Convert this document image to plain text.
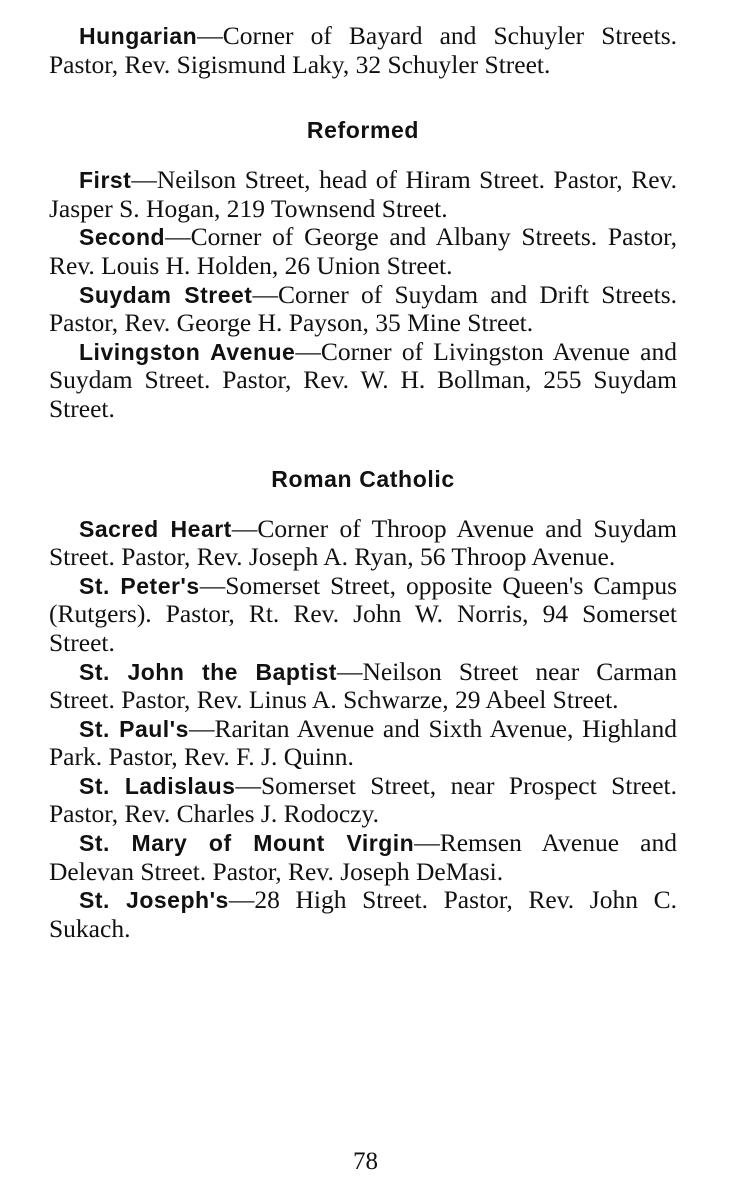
Hungarian—Corner of Bayard and Schuyler Streets. Pastor, Rev. Sigismund Laky, 32 Schuyler Street.

Reformed

First—Neilson Street, head of Hiram Street. Pastor, Rev. Jasper S. Hogan, 219 Townsend Street.

Second—Corner of George and Albany Streets. Pastor, Rev. Louis H. Holden, 26 Union Street.

Suydam Street—Corner of Suydam and Drift Streets. Pastor, Rev. George H. Payson, 35 Mine Street.

Livingston Avenue—Corner of Livingston Avenue and Suydam Street. Pastor, Rev. W. H. Bollman, 255 Suydam Street.

Roman Catholic

Sacred Heart—Corner of Throop Avenue and Suydam Street. Pastor, Rev. Joseph A. Ryan, 56 Throop Avenue.

St. Peter's—Somerset Street, opposite Queen's Campus (Rutgers). Pastor, Rt. Rev. John W. Norris, 94 Somerset Street.

St. John the Baptist—Neilson Street near Carman Street. Pastor, Rev. Linus A. Schwarze, 29 Abeel Street.

St. Paul's—Raritan Avenue and Sixth Avenue, Highland Park. Pastor, Rev. F. J. Quinn.

St. Ladislaus—Somerset Street, near Prospect Street. Pastor, Rev. Charles J. Rodoczy.

St. Mary of Mount Virgin—Remsen Avenue and Delevan Street. Pastor, Rev. Joseph DeMasi.

St. Joseph's—28 High Street. Pastor, Rev. John C. Sukach.

78
